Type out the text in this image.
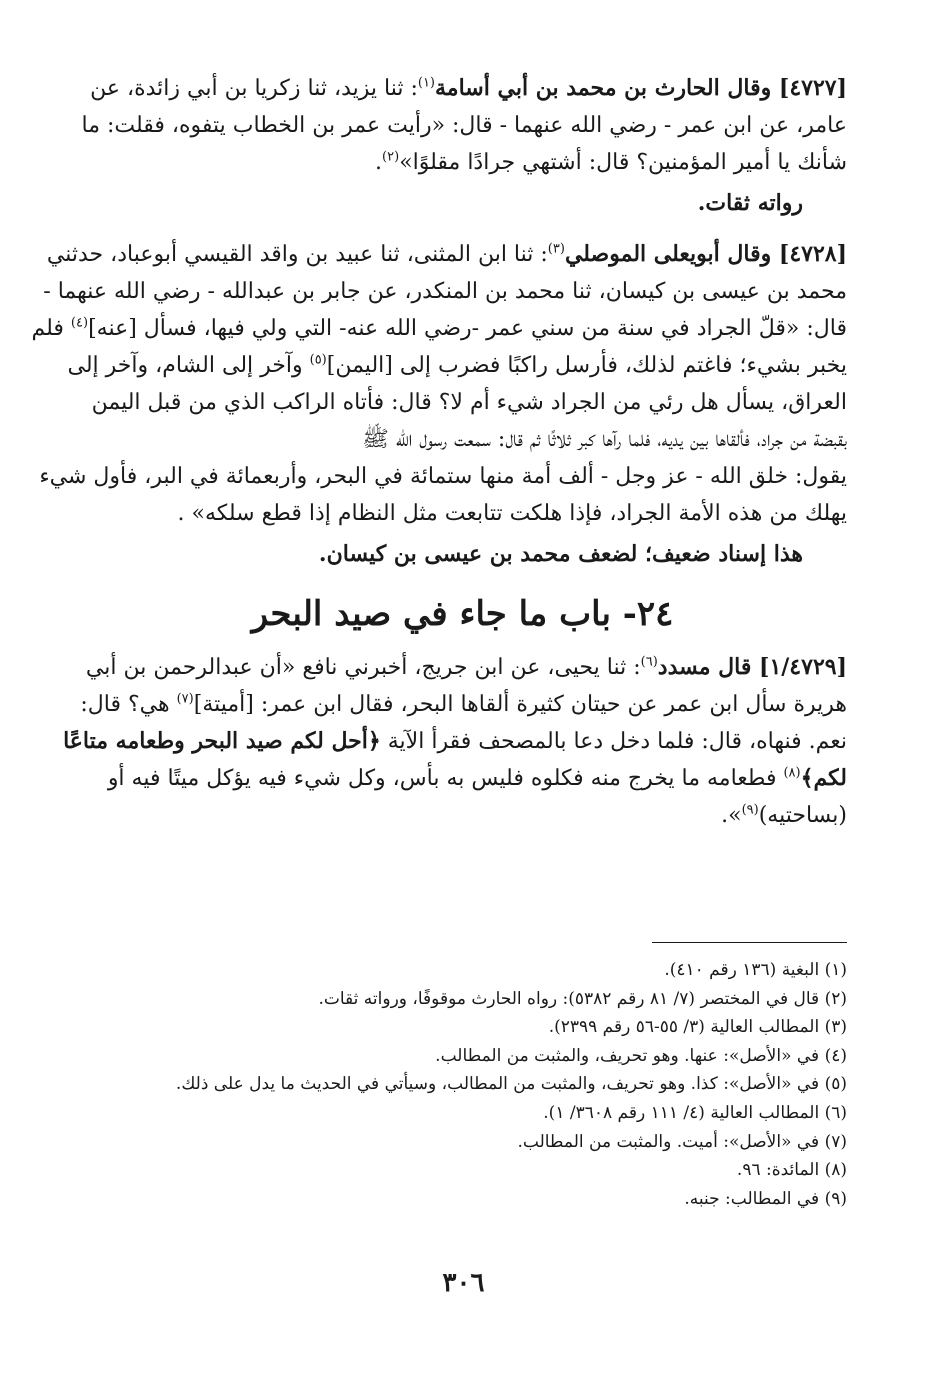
[٤٧٢٧] وقال الحارث بن محمد بن أبي أسامة$^{(١)}$: ثنا يزيد، ثنا زكريا بن أبي زائدة، عن
عامر، عن ابن عمر - رضي الله عنهما - قال: «رأيت عمر بن الخطاب يتفوه، فقلت: ما
شأنك يا أمير المؤمنين؟ قال: أشتهي جرادًا مقلوًا»$^{(٢)}$.

رواته ثقات.

[٤٧٢٨] وقال أبويعلى الموصلي$^{(٣)}$: ثنا ابن المثنى، ثنا عبيد بن واقد القيسي أبوعباد، حدثني
محمد بن عيسى بن كيسان، ثنا محمد بن المنكدر، عن جابر بن عبدالله - رضي الله عنهما -
قال: «قلّ الجراد في سنة من سني عمر -رضي الله عنه- التي ولي فيها، فسأل [عنه]$^{(٤)}$ فلم
يخبر بشيء؛ فاغتم لذلك، فأرسل راكبًا فضرب إلى [اليمن]$^{(٥)}$ وآخر إلى الشام، وآخر إلى
العراق، يسأل هل رئي من الجراد شيء أم لا؟ قال: فأتاه الراكب الذي من قبل اليمن
بقبضة من جراد، فألقاها بين يديه، فلما رآها كبر ثلاثًا ثم قال: سمعت رسول الله ﷺ
يقول: خلق الله - عز وجل - ألف أمة منها ستمائة في البحر، وأربعمائة في البر، فأول شيء
يهلك من هذه الأمة الجراد، فإذا هلكت تتابعت مثل النظام إذا قطع سلكه» .

هذا إسناد ضعيف؛ لضعف محمد بن عيسى بن كيسان.

٢٤- باب ما جاء في صيد البحر
[١/٤٧٢٩] قال مسدد$^{(٦)}$: ثنا يحيى، عن ابن جريج، أخبرني نافع «أن عبدالرحمن بن أبي
هريرة سأل ابن عمر عن حيتان كثيرة ألقاها البحر، فقال ابن عمر: [أميتة]$^{(٧)}$ هي؟ قال:
نعم. فنهاه، قال: فلما دخل دعا بالمصحف فقرأ الآية ﴿أحل لكم صيد البحر وطعامه متاعًا
لكم﴾$^{(٨)}$ فطعامه ما يخرج منه فكلوه فليس به بأس، وكل شيء فيه يؤكل ميتًا فيه أو
(بساحتيه)$^{(٩)}$».
(١) البغية (١٣٦ رقم ٤١٠).
(٢) قال في المختصر (٧/ ٨١ رقم ٥٣٨٢): رواه الحارث موقوفًا، ورواته ثقات.
(٣) المطالب العالية (٣/ ٥٥-٥٦ رقم ٢٣٩٩).
(٤) في «الأصل»: عنها. وهو تحريف، والمثبت من المطالب.
(٥) في «الأصل»: كذا. وهو تحريف، والمثبت من المطالب، وسيأتي في الحديث ما يدل على ذلك.
(٦) المطالب العالية (٤/ ١١١ رقم ٣٦٠٨/ ١).
(٧) في «الأصل»: أميت. والمثبت من المطالب.
(٨) المائدة: ٩٦.
(٩) في المطالب: جنبه.
٣٠٦
